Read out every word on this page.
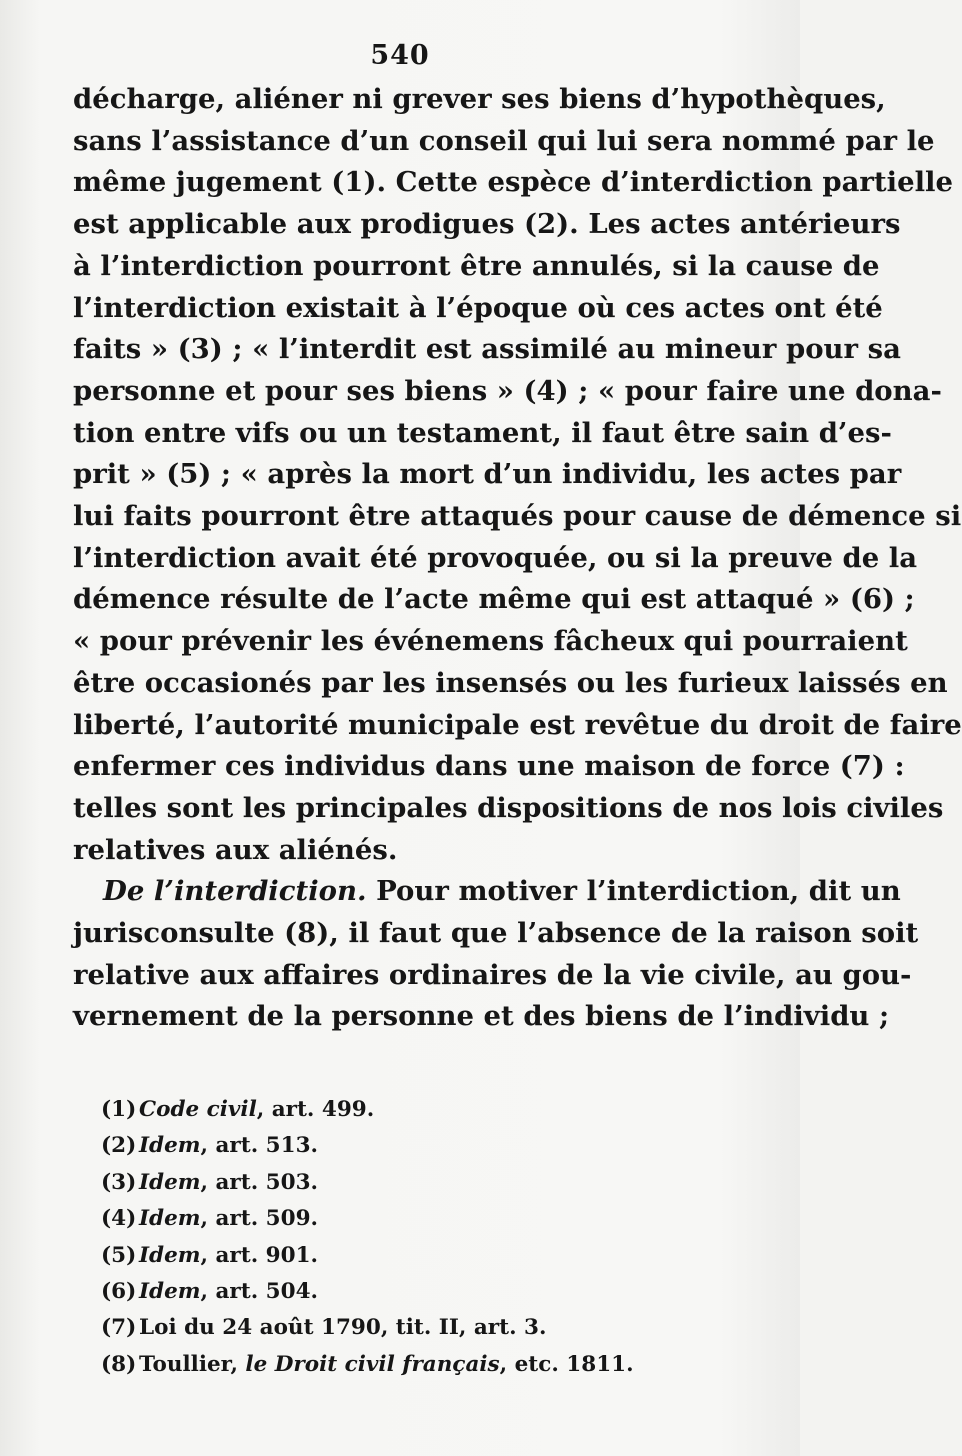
540

décharge, aliéner ni grever ses biens d’hypothèques,
sans l’assistance d’un conseil qui lui sera nommé par le
même jugement (1). Cette espèce d’interdiction partielle
est applicable aux prodigues (2). Les actes antérieurs
à l’interdiction pourront être annulés, si la cause de
l’interdiction existait à l’époque où ces actes ont été
faits » (3) ; « l’interdit est assimilé au mineur pour sa
personne et pour ses biens » (4) ; « pour faire une dona-
tion entre vifs ou un testament, il faut être sain d’es-
prit » (5) ; « après la mort d’un individu, les actes par
lui faits pourront être attaqués pour cause de démence si
l’interdiction avait été provoquée, ou si la preuve de la
démence résulte de l’acte même qui est attaqué » (6) ;
« pour prévenir les événemens fâcheux qui pourraient
être occasionés par les insensés ou les furieux laissés en
liberté, l’autorité municipale est revêtue du droit de faire
enfermer ces individus dans une maison de force (7) :
telles sont les principales dispositions de nos lois civiles
relatives aux aliénés.
De l’interdiction. Pour motiver l’interdiction, dit un
jurisconsulte (8), il faut que l’absence de la raison soit
relative aux affaires ordinaires de la vie civile, au gou-
vernement de la personne et des biens de l’individu ;

(1) Code civil, art. 499.
(2) Idem, art. 513.
(3) Idem, art. 503.
(4) Idem, art. 509.
(5) Idem, art. 901.
(6) Idem, art. 504.
(7) Loi du 24 août 1790, tit. II, art. 3.
(8) Toullier, le Droit civil français, etc. 1811.
